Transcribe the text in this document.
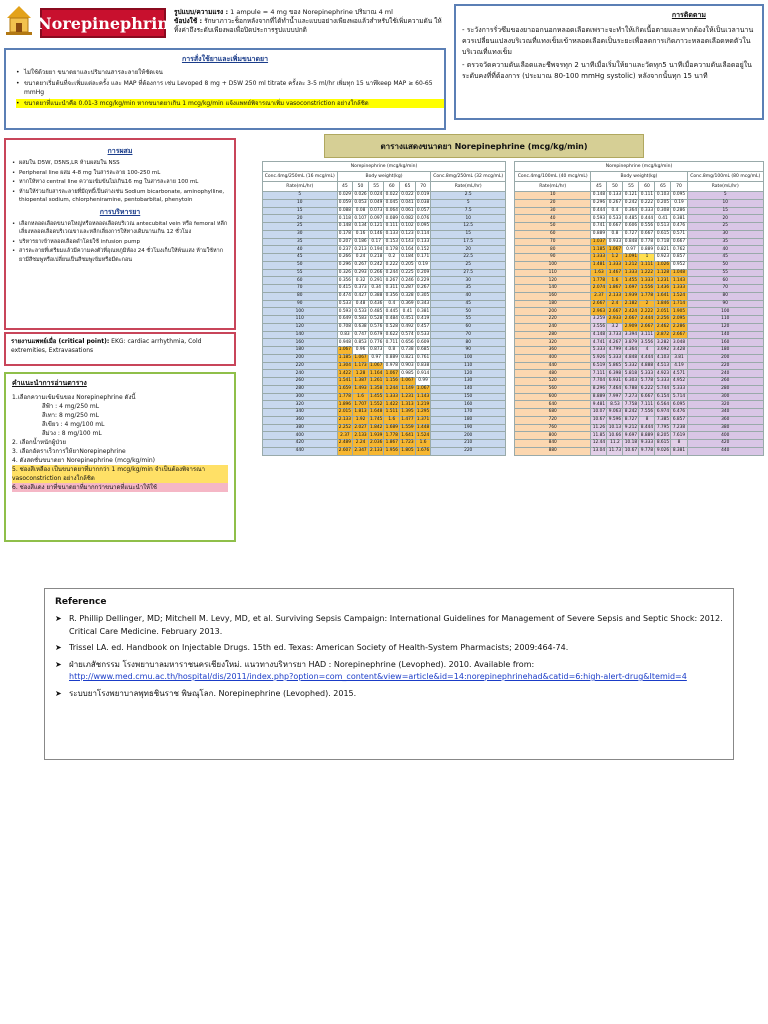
Norepinephrin
รูปแบบ/ความแรง : 1 ampule = 4 mg ของ Norepinephrine ปริมาณ 4 ml
ข้อบ่งใช้ : รักษาภาวะช็อกหลังจากที่ได้ทำน้ำและแบบอย่างเพียงพอแล้วสำหรับใช้เพิ่มความดัน ให้ทิ้งค่าถึงระดับเพียงพอเพื่อปิดประการรูปแบบปกติ
การสั่งใช้ยาและเพิ่มขนาดยา
• ไม่ใช้ด้วยยา ขนาดยาและปริมาณสารละลายให้ชัดเจน
• ขนาดยาเริ่มต้นที่จะเพิ่มแต่ละครั้ง และ MAP ที่ต้องการ เช่น Levoped 8 mg + D5W 250 ml titrate ครั้งละ 3-5 ml/hr เพิ่มทุก 15 นาทีkeep MAP ≥ 60-65 mmHg
• ขนาดยาที่แนะนำคือ 0.01-3 mcg/kg/min หากขนาดยาเกิน 1 mcg/kg/min แจ้งแพทย์พิจารณาเพิ่ม vasoconstriction อย่างใกล้ชิด
การติดตาม

- ระวังการรั่วซึมของยาออกนอกหลอดเลือดเพราะจะทำให้เกิดเนื้อตายและหากต้องให้เป็นเวลานานควรเปลี่ยนแปลงบริเวณที่แทงเข็มเข้าหลอดเลือดเป็นระยะเพื่อลดการเกิดภาวะหลอดเลือดหดตัวในบริเวณที่แทงเข็ม

- ตรวจวัดความดันเลือดและชีพจรทุก 2 นาทีเมื่อเริ่มให้ยาและวัดทุก5 นาทีเมื่อความดันเลือดอยู่ในระดับคงที่ที่ต้องการ (ประมาณ 80-100 mmHg systolic) หลังจากนั้นทุก 15 นาที

การผสม
• ผสมใน D5W, D5NS,LR ห้ามผสมใน NSS
• Peripheral line ผสม 4-8 mg ในสารละลาย 100-250 mL
• หากให้ทาง central line ความเข้มข้นไม่เกิน16 mg ในสารละลาย 100 mL
• ห้ามให้ร่วมกับสารละลายที่มีฤทธิ์เป็นด่างเช่น Sodium bicarbonate, aminophylline, thiopental sodium, chlorpheniramine, pentobarbital, phenytoin
การบริหารยา
• เลือกหลอดเลือดขนาดใหญ่หรือหลอดเลือดบริเวณ antecubital vein หรือ femoral หลีกเลี่ยงหลอดเลือดบริเวณขาและหลีกเลี่ยงการให้ทางเดิมนานเกิน 12 ชั่วโมง
• บริหารยาเข้าหลอดเลือดดำโดยใช้ infusion pump
• สารละลายที่เตรียมแล้วมีความคงตัวที่อุณหภูมิห้อง 24 ชั่วโมงเก็บให้พ้นแสง ห้ามใช้หากยามีสีชมพูหรือเปลี่ยนเป็นสีชมพูเข้มหรือมีตะกอน
รายงานแพทย์เมื่อ (critical point): EKG: cardiac arrhythmia, Cold extremities, Extravasations
คำแนะนำการอ่านตาราง
1.เลือกความเข้มข้นของ Norepinephrine ดังนี้
สีฟ้า : 4 mg/250 mL
สีเทา: 8 mg/250 mL
สีเขียว : 4 mg/100 mL
สีม่วง : 8 mg/100 mL
2. เลือกน้ำหนักผู้ป่วย
3. เลือกอัตราเร็วการให้ยาNorepinephrine
4. ดังสดชั่นขนาดยา Norepinephrine (mcg/kg/min)
5. ช่องสีเหลือง เป็นขนาดยาที่มากกว่า 1 mcg/kg/min จำเป็นต้องพิจารณา vasoconstriction อย่างใกล้ชิด
6. ช่องสีแดง ยาที่ขนาดยาที่มากกว่าขนาดที่แนะนำให้ใช้
ตารางแสดงขนาดยา Norepinephrine (mcg/kg/min)
Norepinephrine (mcg/kg/min)							
Conc.4mg/250mL (16 mcg/mL)	Body weight(kg)						Conc.8mg/250mL (32 mcg/mL)
Rate(mL/hr)	45	50	55	60	65	70	Rate(mL/hr)
5	0.029	0.026	0.024	0.022	0.022	0.019	2.5
10	0.059	0.053	0.049	0.045	0.041	0.038	5
15	0.088	0.08	0.073	0.064	0.061	0.057	7.5
20	0.118	0.107	0.097	0.089	0.082	0.076	10
25	0.148	0.134	0.121	0.111	0.102	0.095	12.5
30	0.178	0.16	0.146	0.133	0.123	0.114	15
35	0.207	0.186	0.17	0.153	0.143	0.133	17.5
40	0.237	0.213	0.194	0.178	0.164	0.152	20
45	0.266	0.24	0.218	0.2	0.184	0.171	22.5
50	0.296	0.267	0.242	0.222	0.205	0.19	25
55	0.326	0.293	0.266	0.244	0.225	0.209	27.5
60	0.356	0.32	0.291	0.267	0.246	0.229	30
70	0.415	0.373	0.34	0.311	0.287	0.267	35
80	0.474	0.427	0.388	0.356	0.328	0.305	40
90	0.533	0.48	0.436	0.4	0.369	0.343	45
100	0.593	0.533	0.485	0.445	0.41	0.381	50
110	0.649	0.583	0.528	0.484	0.451	0.419	55
120	0.708	0.638	0.576	0.528	0.492	0.457	60
140	0.83	0.747	0.679	0.622	0.574	0.533	70
160	0.948	0.853	0.776	0.711	0.656	0.609	80
180	1.067	0.96	0.873	0.8	0.738	0.685	90
200	1.185	1.067	0.97	0.889	0.821	0.761	100
220	1.304	1.173	1.067	0.978	0.903	0.838	110
240	1.422	1.28	1.164	1.067	0.985	0.914	120
260	1.541	1.387	1.261	1.156	1.067	0.99	130
280	1.659	1.493	1.358	1.244	1.149	1.067	140
300	1.778	1.6	1.455	1.333	1.231	1.143	150
320	1.896	1.707	1.552	1.422	1.313	1.219	160
340	2.015	1.813	1.648	1.511	1.395	1.295	170
360	2.133	1.92	1.745	1.6	1.477	1.371	180
380	2.252	2.027	1.842	1.689	1.559	1.448	190
400	2.37	2.133	1.939	1.778	1.641	1.524	200
420	2.489	2.24	2.036	1.867	1.723	1.6	210
440	2.607	2.347	2.133	1.956	1.805	1.676	220
Norepinephrine (mcg/kg/min)							
Conc.4mg/100mL (40 mcg/mL)	Body weight(kg)						Conc.8mg/100mL (80 mcg/mL)
Rate(mL/hr)	45	50	55	60	65	70	Rate(mL/hr)
10	0.148	0.133	0.121	0.111	0.103	0.095	5
20	0.296	0.267	0.242	0.222	0.205	0.19	10
30	0.444	0.4	0.364	0.333	0.308	0.286	15
40	0.593	0.533	0.485	0.444	0.41	0.381	20
50	0.741	0.667	0.606	0.556	0.513	0.476	25
60	0.889	0.8	0.727	0.667	0.615	0.571	30
70	1.037	0.933	0.848	0.778	0.718	0.667	35
80	1.185	1.067	0.97	0.889	0.821	0.762	40
90	1.333	1.2	1.091	1	0.923	0.857	45
100	1.481	1.333	1.212	1.111	1.026	0.952	50
110	1.63	1.467	1.333	1.222	1.128	1.048	55
120	1.778	1.6	1.455	1.333	1.231	1.143	60
140	2.074	1.867	1.697	1.556	1.436	1.333	70
160	2.37	2.133	1.939	1.778	1.641	1.524	80
180	2.667	2.4	2.182	2	1.846	1.714	90
200	2.963	2.667	2.424	2.222	2.051	1.905	100
220	3.259	2.933	2.667	2.444	2.256	2.095	110
240	3.556	3.2	2.909	2.667	2.462	2.286	120
280	4.148	3.733	3.394	3.111	2.872	2.667	140
320	4.741	4.267	3.879	3.556	3.282	3.048	160
360	5.333	4.799	4.364	4	3.692	3.428	180
400	5.926	5.333	4.848	4.444	4.103	3.81	200
440	6.519	5.865	5.332	4.888	4.513	4.19	220
480	7.111	6.398	5.818	5.333	4.923	4.571	240
520	7.704	6.931	6.303	5.778	5.333	4.952	260
560	8.296	7.464	6.788	6.222	5.744	5.333	280
600	8.889	7.997	7.273	6.667	6.154	5.714	300
640	9.481	8.53	7.758	7.111	6.564	6.095	320
680	10.07	9.063	8.242	7.556	6.974	6.476	340
720	10.67	9.596	8.727	8	7.385	6.857	360
760	11.26	10.13	9.212	8.444	7.795	7.238	380
800	11.85	10.66	9.697	8.889	8.205	7.619	400
840	12.44	11.2	10.18	9.333	8.615	8	420
880	13.04	11.73	10.67	9.778	9.026	8.381	440
Reference
➤ R. Phillip Dellinger, MD; Mitchell M. Levy, MD, et al. Surviving Sepsis Campaign: International Guidelines for Management of Severe Sepsis and Septic Shock: 2012. Critical Care Medicine. February 2013.
➤ Trissel LA. ed. Handbook on Injectable Drugs. 15th ed. Texas: American Society of Health-System Pharmacists; 2009:464-74.
➤ ฝ่ายเภสัชกรรม โรงพยาบาลมหาราชนครเชียงใหม่. แนวทางบริหารยา HAD : Norepinephrine (Levophed). 2010. Available from:
http://www.med.cmu.ac.th/hospital/dis/2011/index.php?option=com_content&view=article&id=14:norepinephrinehad&catid=6:high-alert-drug&Itemid=4
➤ ระบบยาโรงพยาบาลพุทธชินราช พิษณุโลก. Norepinephrine (Levophed). 2015.
